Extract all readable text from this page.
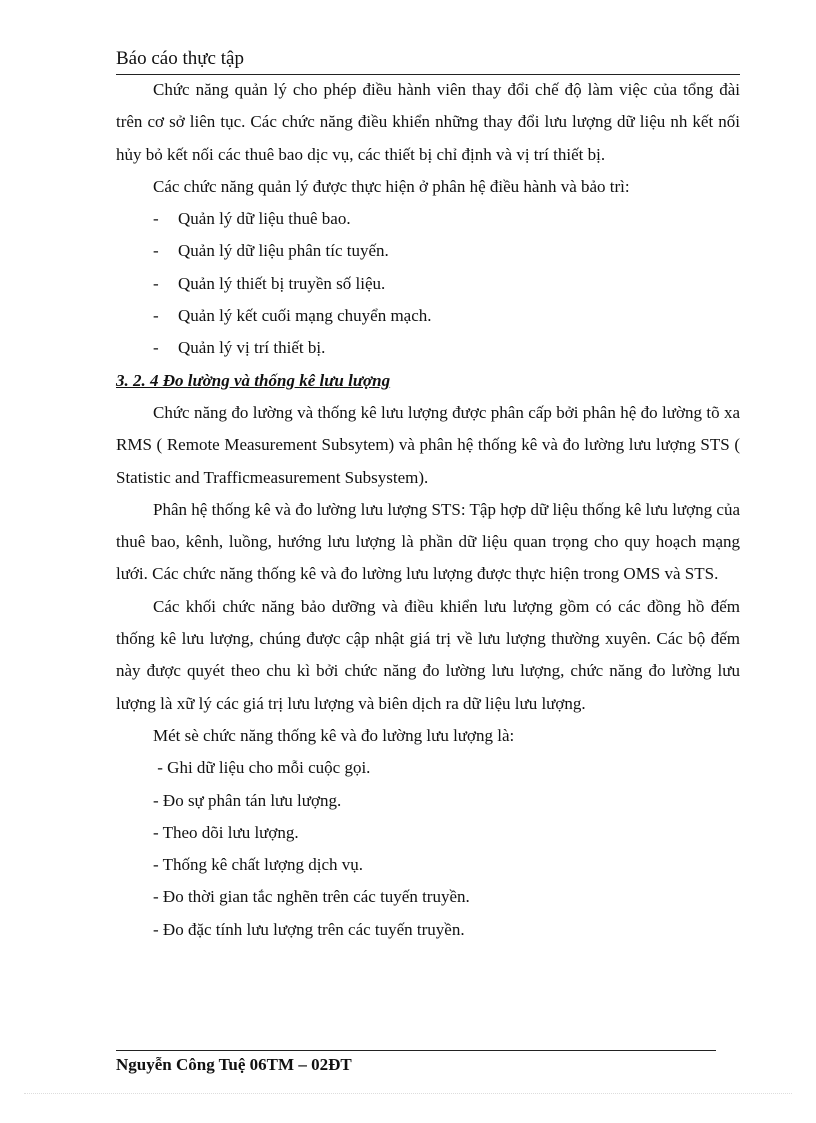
Báo cáo thực tập

Chức năng quản lý cho phép điều hành viên thay đổi chế độ làm việc của tổng đài trên cơ sở liên tục. Các chức năng điều khiển những thay đổi lưu lượng dữ liệu nh kết nối hủy bỏ kết nối các thuê bao dịc vụ, các thiết bị chỉ định và vị trí thiết bị.

Các chức năng quản lý được thực hiện ở phân hệ điều hành và bảo trì:

- Quản lý dữ liệu thuê bao.

- Quản lý dữ liệu phân tíc tuyến.

- Quản lý thiết bị truyền số liệu.

- Quản lý kết cuối mạng chuyển mạch.

- Quản lý vị trí thiết bị.

3. 2. 4 Đo lường và thống kê lưu lượng

Chức năng đo lường và thống kê lưu lượng được phân cấp bởi phân hệ đo lường tõ xa RMS ( Remote Measurement Subsytem) và phân hệ thống kê và đo lường lưu lượng STS ( Statistic and Trafficmeasurement Subsystem).

Phân hệ thống kê và đo lường lưu lượng STS: Tập hợp dữ liệu thống kê lưu lượng của thuê bao, kênh, luồng, hướng lưu lượng là phần dữ liệu quan trọng cho quy hoạch mạng lưới. Các chức năng thống kê và đo lường lưu lượng được thực hiện trong OMS và STS.

Các khối chức năng bảo dưỡng và điều khiển lưu lượng gồm có các đồng hồ đếm thống kê lưu lượng, chúng được cập nhật giá trị về lưu lượng thường xuyên. Các bộ đếm này được quyét theo chu kì bởi chức năng đo lường lưu lượng, chức năng đo lường lưu lượng là xữ lý các giá trị lưu lượng và biên dịch ra dữ liệu lưu lượng.

Mét sè chức năng thống kê và đo lường lưu lượng là:

- Ghi dữ liệu cho mỗi cuộc gọi.

- Đo sự phân tán lưu lượng.

- Theo dõi lưu lượng.

- Thống kê chất lượng dịch vụ.

- Đo thời gian tắc nghẽn trên các tuyến truyền.

- Đo đặc tính lưu lượng trên các tuyến truyền.

Nguyễn Công Tuệ 06TM – 02ĐT
